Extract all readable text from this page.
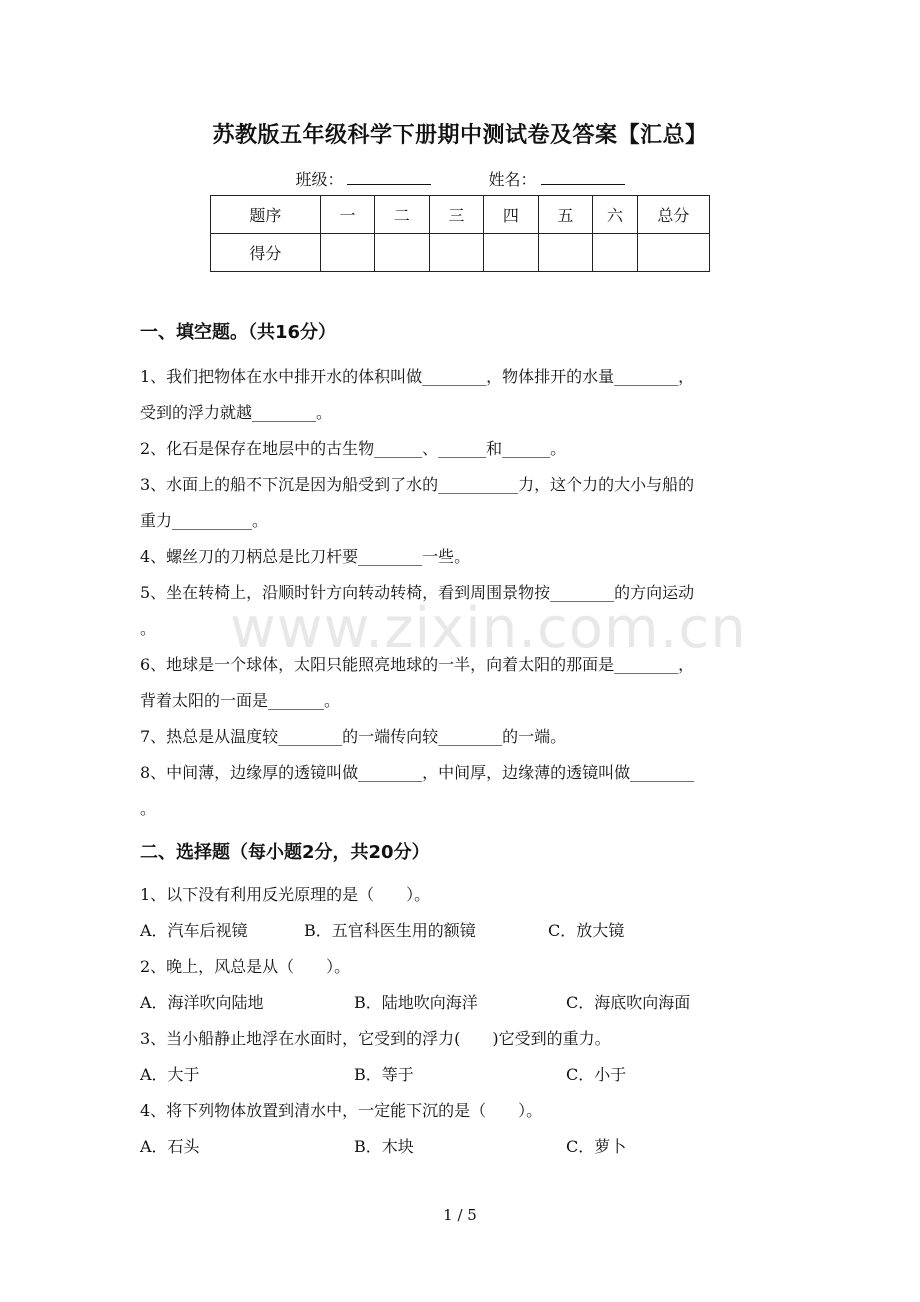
苏教版五年级科学下册期中测试卷及答案【汇总】
班级：	姓名：
题序	一	二	三	四	五	六	总分
得分							
一、填空题。（共16分）
1、我们把物体在水中排开水的体积叫做________，物体排开的水量________，
受到的浮力就越________。
2、化石是保存在地层中的古生物______、______和______。
3、水面上的船不下沉是因为船受到了水的__________力，这个力的大小与船的
重力__________。
4、螺丝刀的刀柄总是比刀杆要________一些。
5、坐在转椅上，沿顺时针方向转动转椅，看到周围景物按________的方向运动
。
6、地球是一个球体，太阳只能照亮地球的一半，向着太阳的那面是________，
背着太阳的一面是_______。
7、热总是从温度较________的一端传向较________的一端。
8、中间薄，边缘厚的透镜叫做________，中间厚，边缘薄的透镜叫做________
。
二、选择题（每小题2分，共20分）
1、以下没有利用反光原理的是（　　）。
A．汽车后视镜	B．五官科医生用的额镜	C．放大镜
2、晚上，风总是从（　　）。
A．海洋吹向陆地	B．陆地吹向海洋	C．海底吹向海面
3、当小船静止地浮在水面时，它受到的浮力(　　)它受到的重力。
A．大于	B．等于	C．小于
4、将下列物体放置到清水中，一定能下沉的是（　　）。
A．石头	B．木块	C．萝卜
www.zixin.com.cn
1 / 5
